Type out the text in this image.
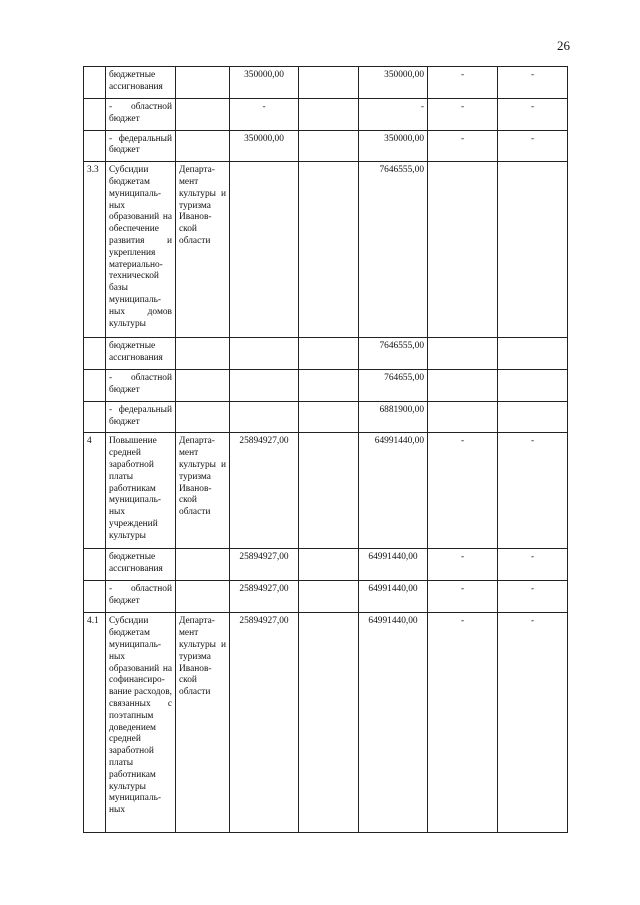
26
	бюджетные ассигнования		350000,00		350000,00	-	-
	- областной бюджет		-		-	-	-
	- федеральный бюджет		350000,00		350000,00	-	-
3.3	Субсидии бюджетам муниципаль-ных образований на обеспечение развития и укрепления материально-технической базы муниципаль-ных домов культуры	Департа-мент культуры и туризма Иванов-ской области			7646555,00		
	бюджетные ассигнования				7646555,00		
	- областной бюджет				764655,00		
	- федеральный бюджет				6881900,00		
4	Повышение средней заработной платы работникам муниципаль-ных учреждений культуры	Департа-мент культуры и туризма Иванов-ской области	25894927,00		64991440,00	-	-
	бюджетные ассигнования		25894927,00		64991440,00	-	-
	- областной бюджет		25894927,00		64991440,00	-	-
4.1	Субсидии бюджетам муниципаль-ных образований на софинансиро-вание расходов, связанных с поэтапным доведением средней заработной платы работникам культуры муниципаль-ных	Департа-мент культуры и туризма Иванов-ской области	25894927,00		64991440,00	-	-
